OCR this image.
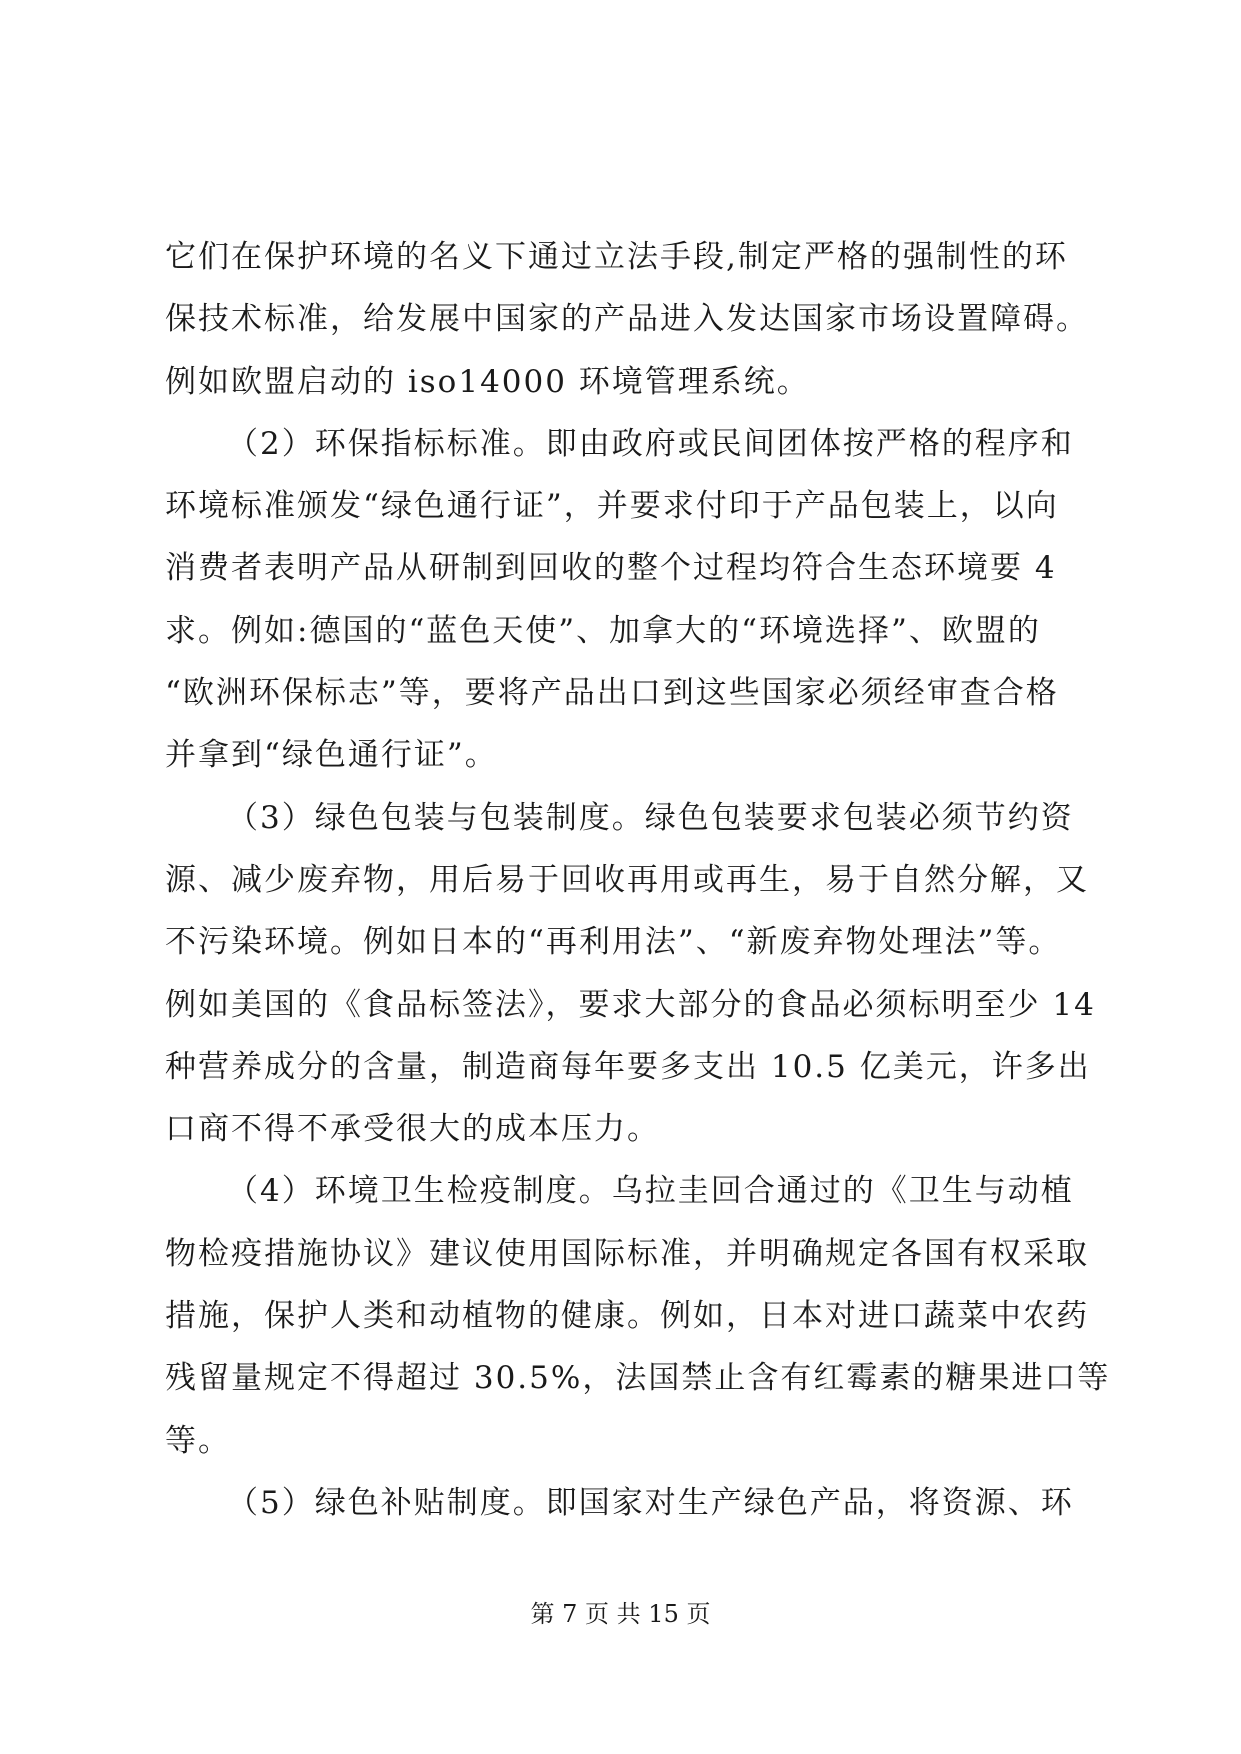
它们在保护环境的名义下通过立法手段,制定严格的强制性的环
保技术标准，给发展中国家的产品进入发达国家市场设置障碍。
例如欧盟启动的 iso14000 环境管理系统。
（2）环保指标标准。即由政府或民间团体按严格的程序和
环境标准颁发“绿色通行证”，并要求付印于产品包装上，以向
消费者表明产品从研制到回收的整个过程均符合生态环境要 4
求。例如:德国的“蓝色天使”、加拿大的“环境选择”、欧盟的
“欧洲环保标志”等，要将产品出口到这些国家必须经审查合格
并拿到“绿色通行证”。
（3）绿色包装与包装制度。绿色包装要求包装必须节约资
源、减少废弃物，用后易于回收再用或再生，易于自然分解，又
不污染环境。例如日本的“再利用法”、“新废弃物处理法”等。
例如美国的《食品标签法》，要求大部分的食品必须标明至少 14
种营养成分的含量，制造商每年要多支出 10.5 亿美元，许多出
口商不得不承受很大的成本压力。
（4）环境卫生检疫制度。乌拉圭回合通过的《卫生与动植
物检疫措施协议》建议使用国际标准，并明确规定各国有权采取
措施，保护人类和动植物的健康。例如，日本对进口蔬菜中农药
残留量规定不得超过 30.5%，法国禁止含有红霉素的糖果进口等
等。
（5）绿色补贴制度。即国家对生产绿色产品，将资源、环
第 7 页 共 15 页
